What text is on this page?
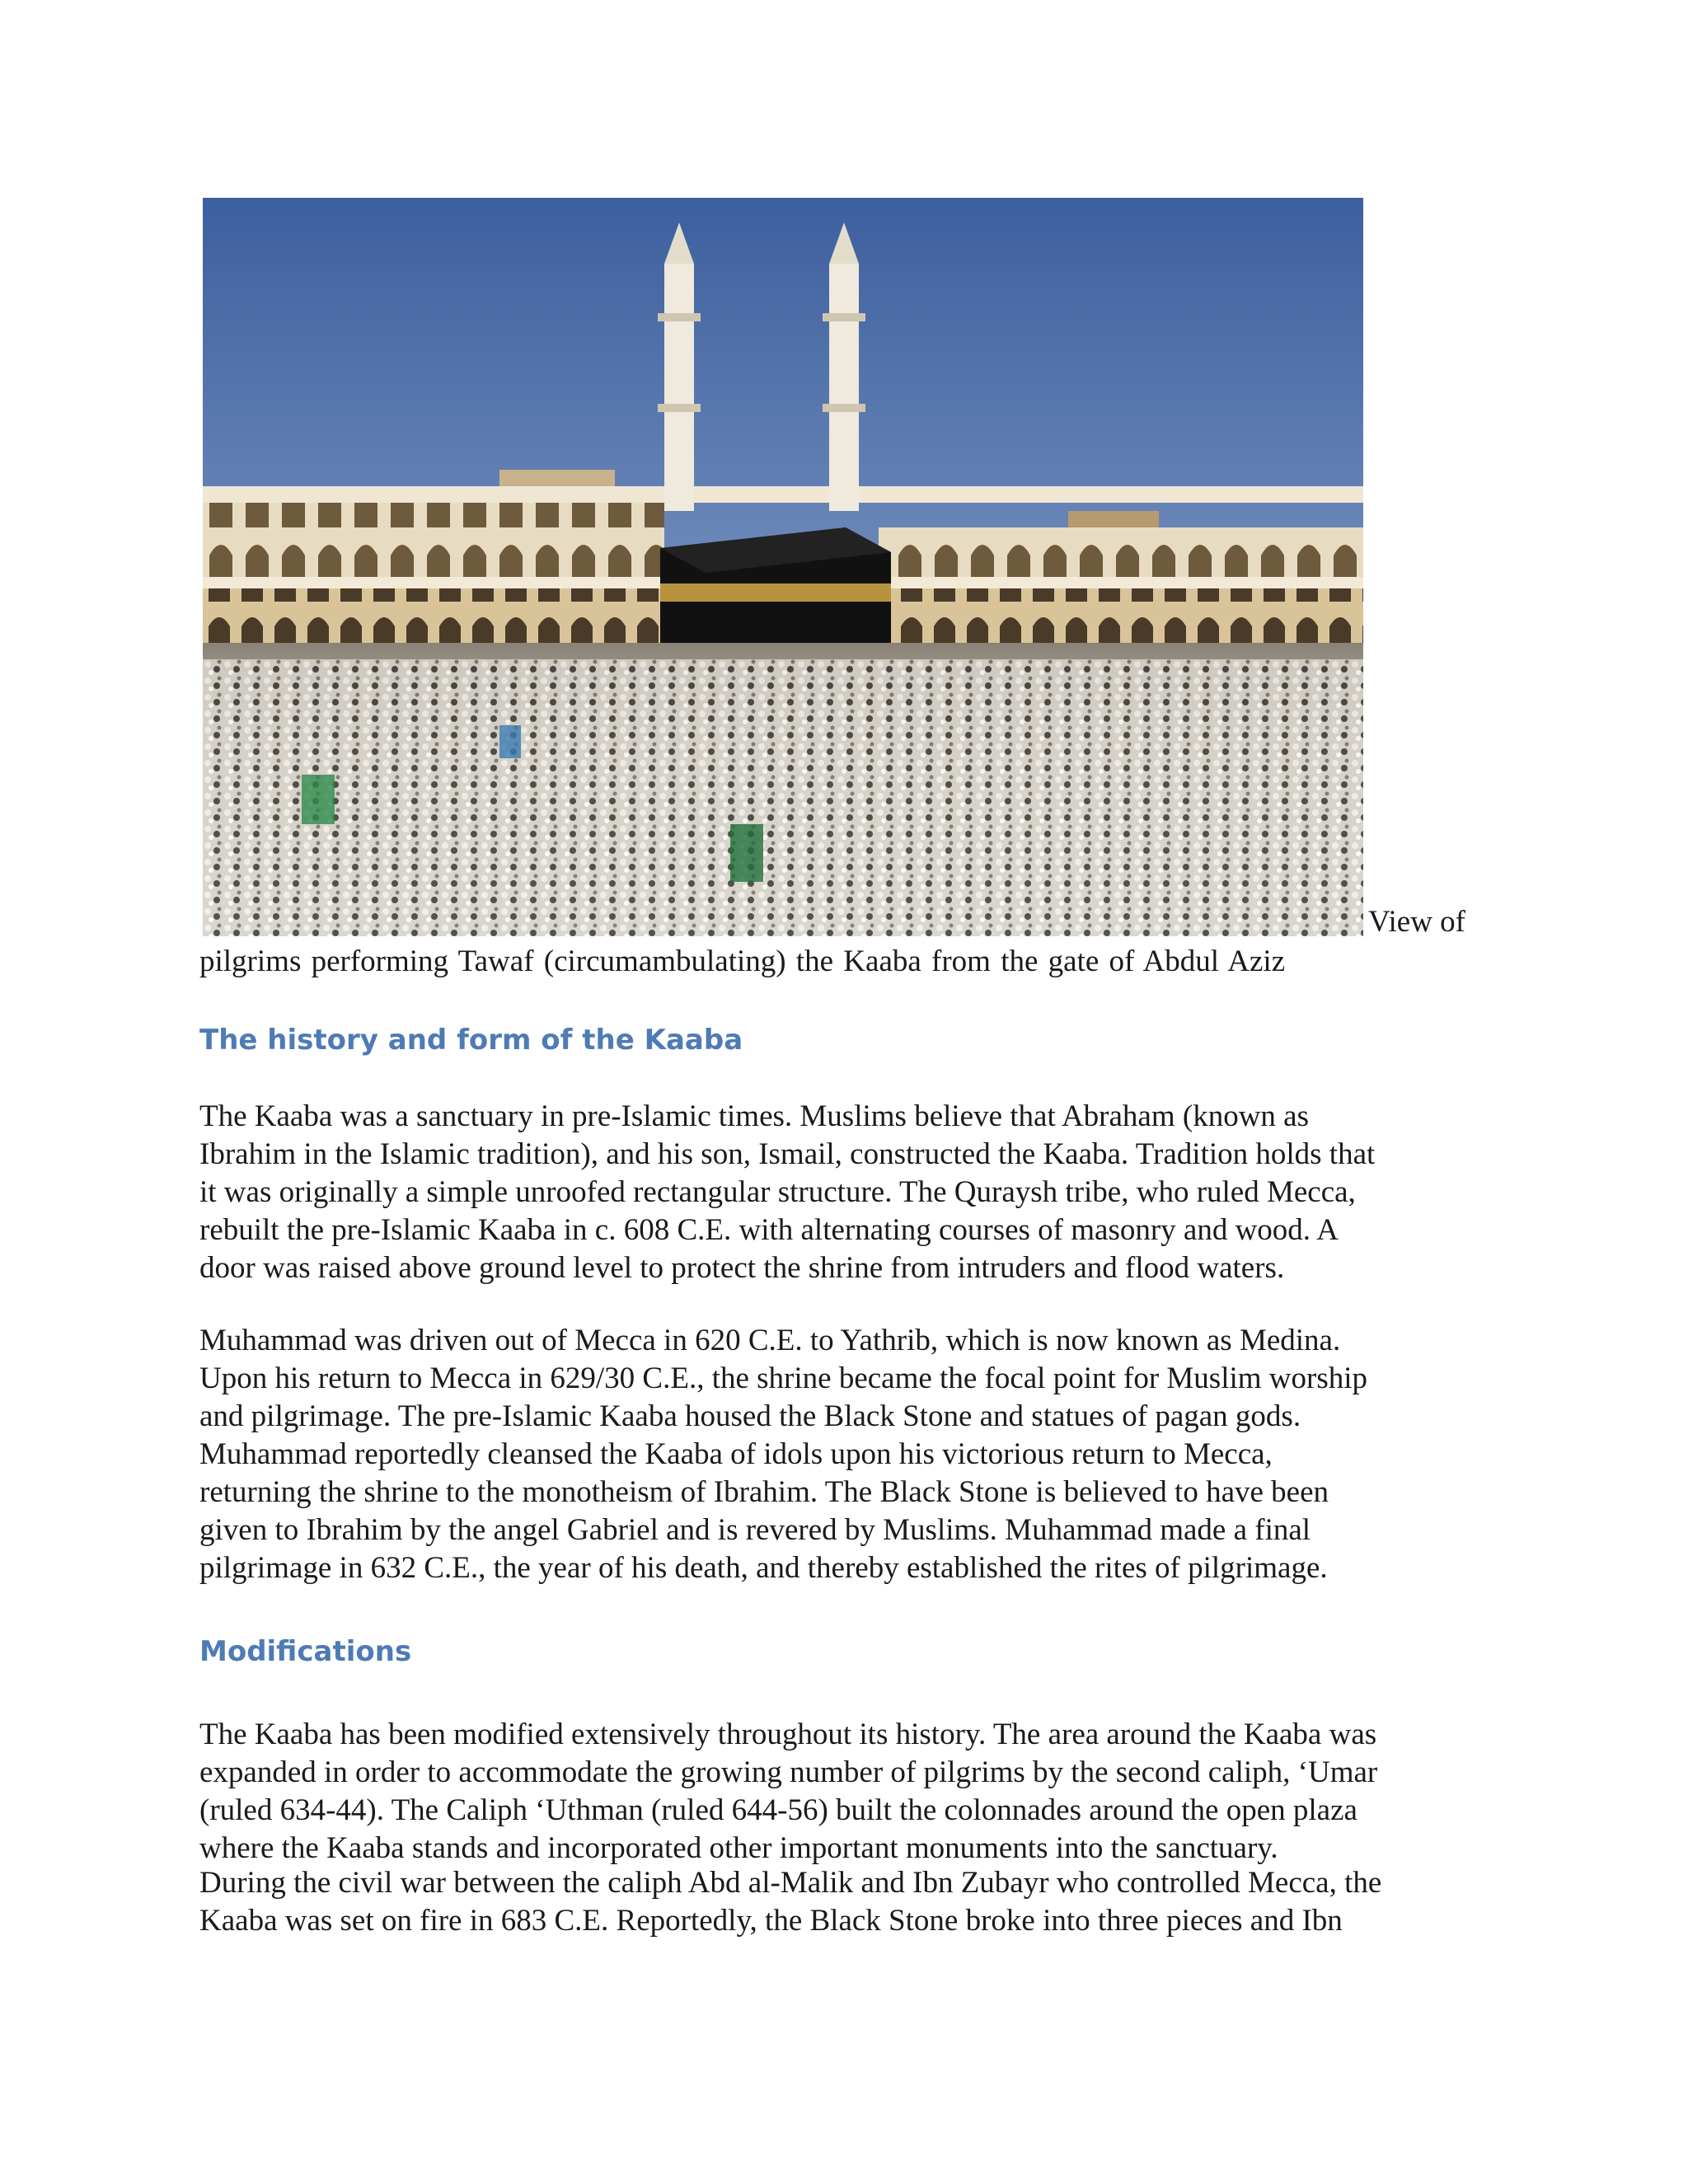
View of
pilgrims performing Tawaf (circumambulating) the Kaaba from the gate of Abdul Aziz
The history and form of the Kaaba
The Kaaba was a sanctuary in pre-Islamic times. Muslims believe that Abraham (known as
Ibrahim in the Islamic tradition), and his son, Ismail, constructed the Kaaba. Tradition holds that
it was originally a simple unroofed rectangular structure. The Quraysh tribe, who ruled Mecca,
rebuilt the pre-Islamic Kaaba in c. 608 C.E. with alternating courses of masonry and wood. A
door was raised above ground level to protect the shrine from intruders and flood waters.
Muhammad was driven out of Mecca in 620 C.E. to Yathrib, which is now known as Medina.
Upon his return to Mecca in 629/30 C.E., the shrine became the focal point for Muslim worship
and pilgrimage. The pre-Islamic Kaaba housed the Black Stone and statues of pagan gods.
Muhammad reportedly cleansed the Kaaba of idols upon his victorious return to Mecca,
returning the shrine to the monotheism of Ibrahim. The Black Stone is believed to have been
given to Ibrahim by the angel Gabriel and is revered by Muslims. Muhammad made a final
pilgrimage in 632 C.E., the year of his death, and thereby established the rites of pilgrimage.
Modifications
The Kaaba has been modified extensively throughout its history. The area around the Kaaba was
expanded in order to accommodate the growing number of pilgrims by the second caliph, ‘Umar
(ruled 634-44). The Caliph ‘Uthman (ruled 644-56) built the colonnades around the open plaza
where the Kaaba stands and incorporated other important monuments into the sanctuary.
During the civil war between the caliph Abd al-Malik and Ibn Zubayr who controlled Mecca, the
Kaaba was set on fire in 683 C.E. Reportedly, the Black Stone broke into three pieces and Ibn
